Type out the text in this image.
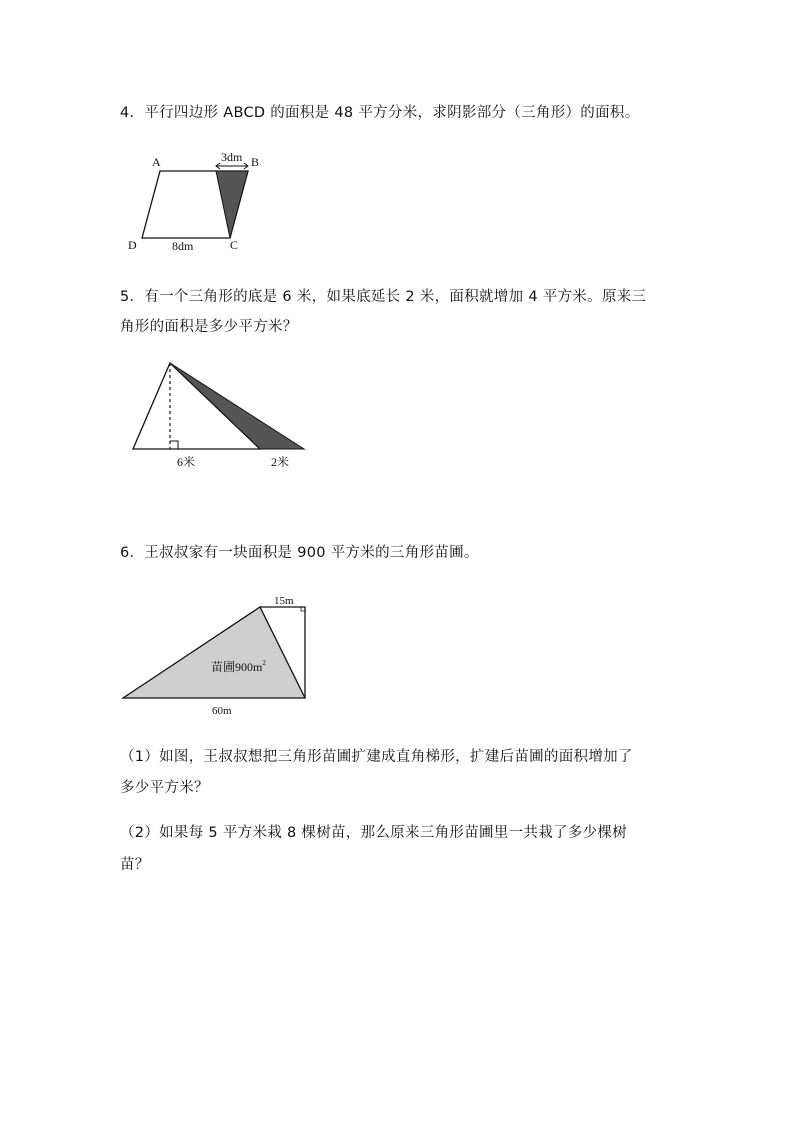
4．平行四边形 ABCD 的面积是 48 平方分米，求阴影部分（三角形）的面积。
3dm
A	B
C
D	8dm
5．有一个三角形的底是 6 米，如果底延长 2 米，面积就增加 4 平方米。原来三
角形的面积是多少平方米？
6米	2米
6．王叔叔家有一块面积是 900 平方米的三角形苗圃。
15m
苗圃$900m^2$
60m
（1）如图，王叔叔想把三角形苗圃扩建成直角梯形，扩建后苗圃的面积增加了
多少平方米？
（2）如果每 5 平方米栽 8 棵树苗，那么原来三角形苗圃里一共栽了多少棵树
苗？
